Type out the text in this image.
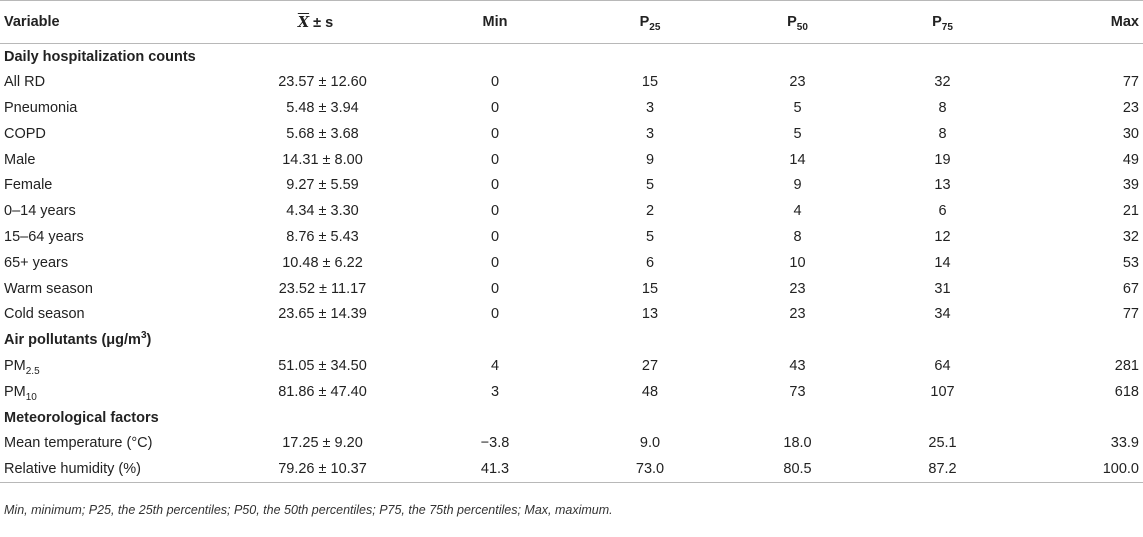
Variable	$\overline{X} \pm s$	Min	$P_{25}$	$P_{50}$	$P_{75}$	Max
Daily hospitalization counts						
All RD	23.57 ± 12.60	0	15	23	32	77
Pneumonia	5.48 ± 3.94	0	3	5	8	23
COPD	5.68 ± 3.68	0	3	5	8	30
Male	14.31 ± 8.00	0	9	14	19	49
Female	9.27 ± 5.59	0	5	9	13	39
0–14 years	4.34 ± 3.30	0	2	4	6	21
15–64 years	8.76 ± 5.43	0	5	8	12	32
65+ years	10.48 ± 6.22	0	6	10	14	53
Warm season	23.52 ± 11.17	0	15	23	31	67
Cold season	23.65 ± 14.39	0	13	23	34	77
Air pollutants $(\mu g/m^3)$						
$PM_{2.5}$	51.05 ± 34.50	4	27	43	64	281
$PM_{10}$	81.86 ± 47.40	3	48	73	107	618
Meteorological factors						
Mean temperature (°C)	17.25 ± 9.20	−3.8	9.0	18.0	25.1	33.9
Relative humidity (%)	79.26 ± 10.37	41.3	73.0	80.5	87.2	100.0
Min, minimum; P25, the 25th percentiles; P50, the 50th percentiles; P75, the 75th percentiles; Max, maximum.
